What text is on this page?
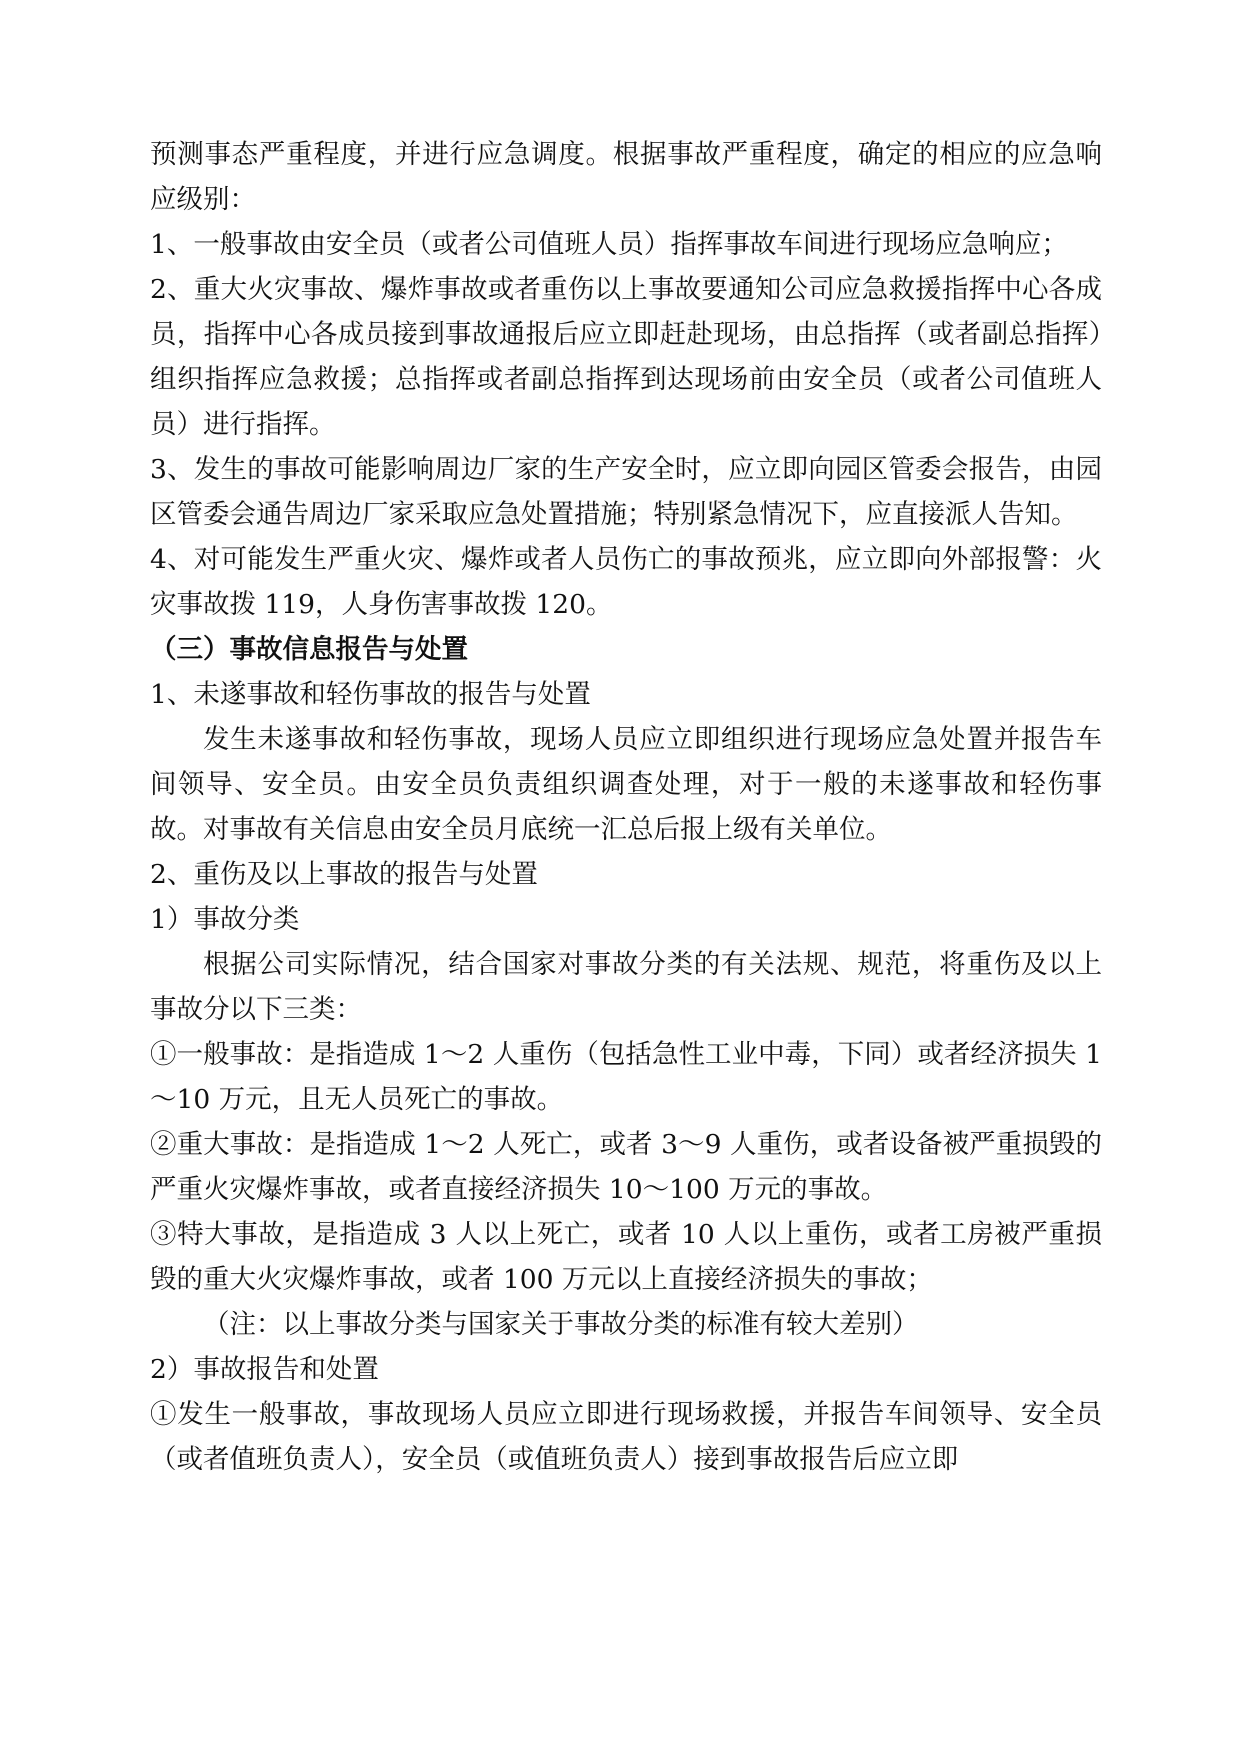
预测事态严重程度，并进行应急调度。根据事故严重程度，确定的相应的应急响应级别：

1、一般事故由安全员（或者公司值班人员）指挥事故车间进行现场应急响应；

2、重大火灾事故、爆炸事故或者重伤以上事故要通知公司应急救援指挥中心各成员，指挥中心各成员接到事故通报后应立即赶赴现场，由总指挥（或者副总指挥）组织指挥应急救援；总指挥或者副总指挥到达现场前由安全员（或者公司值班人员）进行指挥。

3、发生的事故可能影响周边厂家的生产安全时，应立即向园区管委会报告，由园区管委会通告周边厂家采取应急处置措施；特别紧急情况下，应直接派人告知。

4、对可能发生严重火灾、爆炸或者人员伤亡的事故预兆，应立即向外部报警：火灾事故拨 119，人身伤害事故拨 120。

（三）事故信息报告与处置

1、未遂事故和轻伤事故的报告与处置

发生未遂事故和轻伤事故，现场人员应立即组织进行现场应急处置并报告车间领导、安全员。由安全员负责组织调查处理，对于一般的未遂事故和轻伤事故。对事故有关信息由安全员月底统一汇总后报上级有关单位。

2、重伤及以上事故的报告与处置

1）事故分类

根据公司实际情况，结合国家对事故分类的有关法规、规范，将重伤及以上事故分以下三类：

①一般事故：是指造成 1～2 人重伤（包括急性工业中毒，下同）或者经济损失 1～10 万元，且无人员死亡的事故。

②重大事故：是指造成 1～2 人死亡，或者 3～9 人重伤，或者设备被严重损毁的严重火灾爆炸事故，或者直接经济损失 10～100 万元的事故。

③特大事故，是指造成 3 人以上死亡，或者 10 人以上重伤，或者工房被严重损毁的重大火灾爆炸事故，或者 100 万元以上直接经济损失的事故；

（注：以上事故分类与国家关于事故分类的标准有较大差别）

2）事故报告和处置

①发生一般事故，事故现场人员应立即进行现场救援，并报告车间领导、安全员（或者值班负责人），安全员（或值班负责人）接到事故报告后应立即
